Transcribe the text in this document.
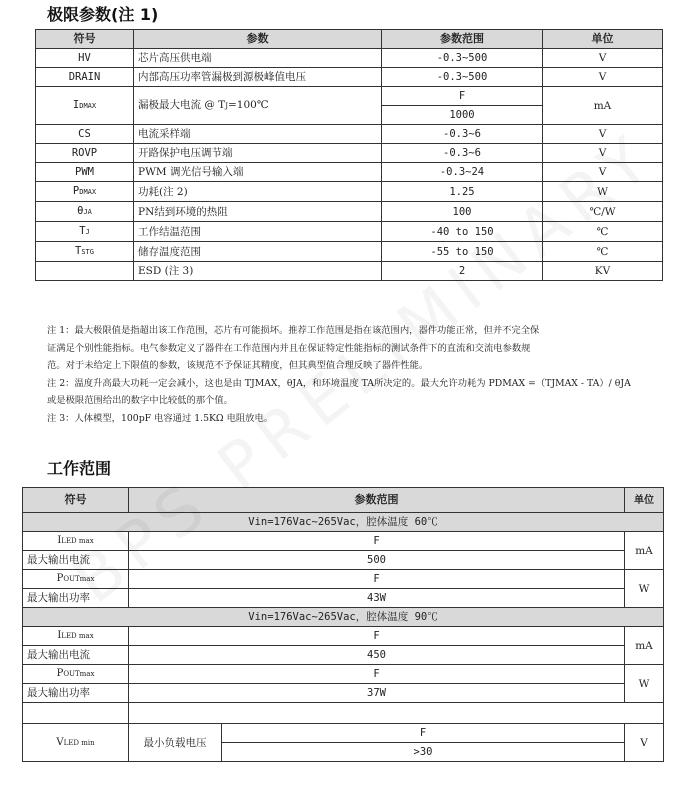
极限参数(注 1)
符号	参数	参数范围	单位
HV	芯片高压供电端	-0.3~500	V
DRAIN	内部高压功率管漏极到源极峰值电压	-0.3~500	V
IDMAX	漏极最大电流 @ TJ=100℃	F	mA
		1000	
CS	电流采样端	-0.3~6	V
ROVP	开路保护电压调节端	-0.3~6	V
PWM	PWM 调光信号输入端	-0.3~24	V
PDMAX	功耗(注 2)	1.25	W
θJA	PN结到环境的热阻	100	℃/W
TJ	工作结温范围	-40 to 150	℃
TSTG	储存温度范围	-55 to 150	℃
	ESD (注 3)	2	KV

注 1：最大极限值是指超出该工作范围，芯片有可能损坏。推荐工作范围是指在该范围内，器件功能正常，但并不完全保

证满足个别性能指标。电气参数定义了器件在工作范围内并且在保证特定性能指标的测试条件下的直流和交流电参数规

范。对于未给定上下限值的参数，该规范不予保证其精度，但其典型值合理反映了器件性能。

注 2：温度升高最大功耗一定会减小，这也是由 TJMAX，θJA，和环境温度 TA所决定的。最大允许功耗为 PDMAX =（TJMAX - TA）/ θJA

或是极限范围给出的数字中比较低的那个值。

注 3：人体模型，100pF 电容通过 1.5KΩ 电阻放电。

工作范围
符号	参数范围		单位
Vin=176Vac~265Vac，腔体温度 60℃			
ILED max	F		mA
最大输出电流	500		
POUTmax	F		W
最大输出功率	43W		
Vin=176Vac~265Vac，腔体温度 90℃			
ILED max	F		mA
最大输出电流	450		
POUTmax	F		W
最大输出功率	37W		

VLED min	最小负载电压	F	V
		>30	
